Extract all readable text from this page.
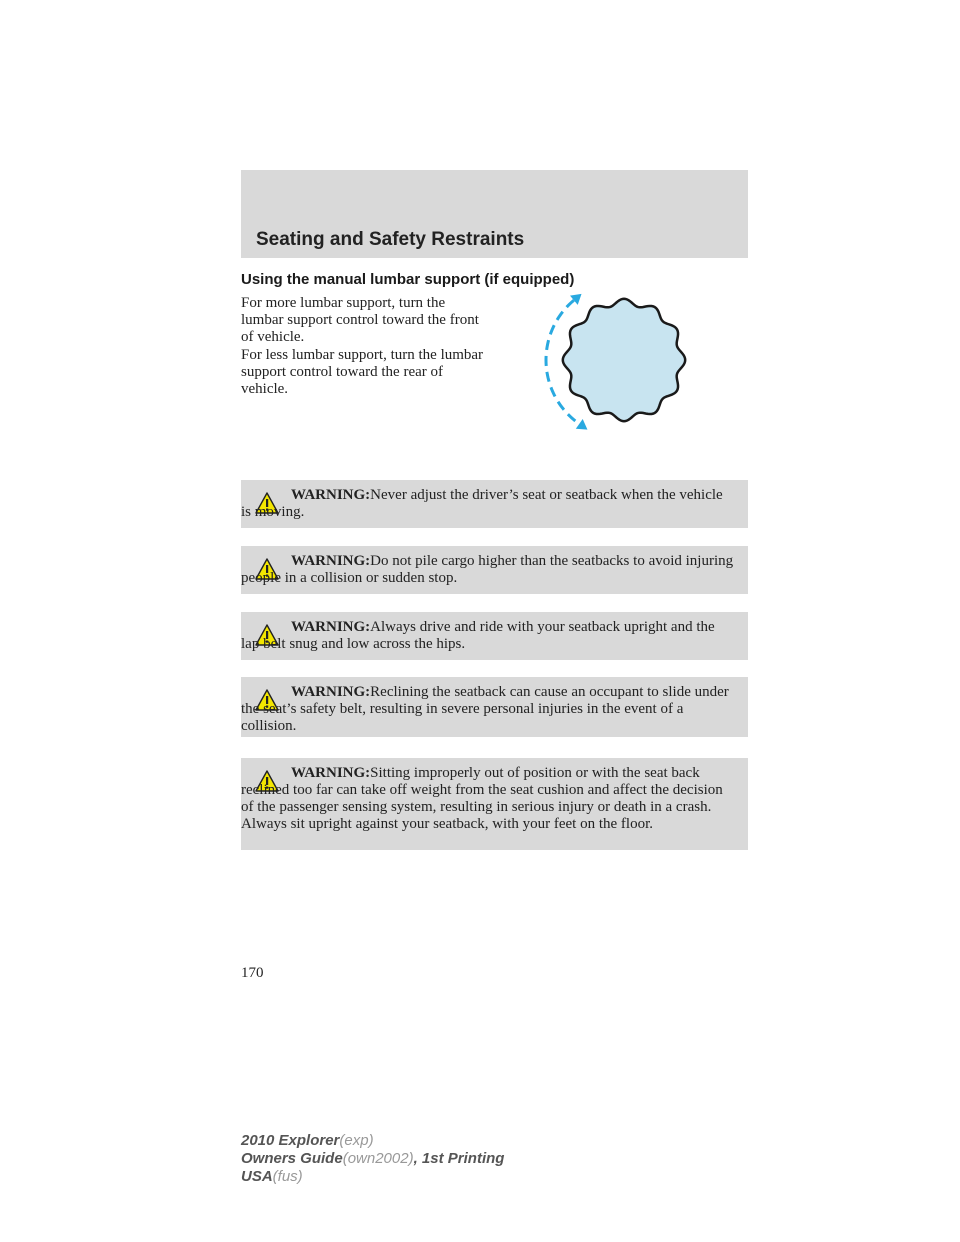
Seating and Safety Restraints
Using the manual lumbar support (if equipped)
For more lumbar support, turn the lumbar support control toward the front of vehicle.
For less lumbar support, turn the lumbar support control toward the rear of vehicle.
WARNING:Never adjust the driver’s seat or seatback when the vehicle is moving.
WARNING:Do not pile cargo higher than the seatbacks to avoid injuring people in a collision or sudden stop.
WARNING:Always drive and ride with your seatback upright and the lap belt snug and low across the hips.
WARNING:Reclining the seatback can cause an occupant to slide under the seat’s safety belt, resulting in severe personal injuries in the event of a collision.
WARNING:Sitting improperly out of position or with the seat back reclined too far can take off weight from the seat cushion and affect the decision of the passenger sensing system, resulting in serious injury or death in a crash. Always sit upright against your seatback, with your feet on the floor.
170
2010 Explorer(exp)
Owners Guide(own2002), 1st Printing
USA(fus)
